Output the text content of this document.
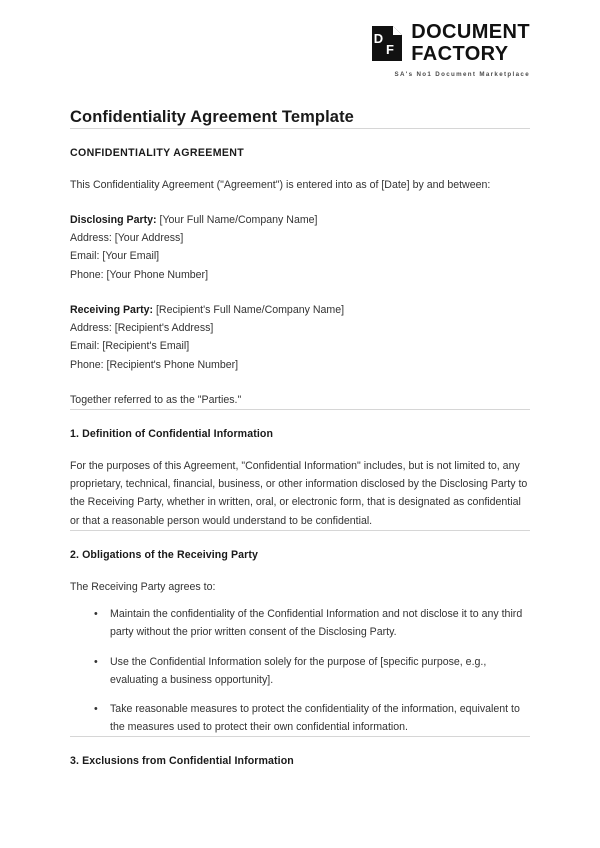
D
F
DOCUMENT
FACTORY
SA's No1 Document Marketplace
Confidentiality Agreement Template
CONFIDENTIALITY AGREEMENT

This Confidentiality Agreement ("Agreement") is entered into as of [Date] by and between:

Disclosing Party: [Your Full Name/Company Name]
Address: [Your Address]
Email: [Your Email]
Phone: [Your Phone Number]
Receiving Party: [Recipient's Full Name/Company Name]
Address: [Recipient's Address]
Email: [Recipient's Email]
Phone: [Recipient's Phone Number]

Together referred to as the "Parties."

1. Definition of Confidential Information

For the purposes of this Agreement, "Confidential Information" includes, but is not limited to, any proprietary, technical, financial, business, or other information disclosed by the Disclosing Party to the Receiving Party, whether in written, oral, or electronic form, that is designated as confidential or that a reasonable person would understand to be confidential.

2. Obligations of the Receiving Party

The Receiving Party agrees to:

• Maintain the confidentiality of the Confidential Information and not disclose it to any third party without the prior written consent of the Disclosing Party.
• Use the Confidential Information solely for the purpose of [specific purpose, e.g., evaluating a business opportunity].
• Take reasonable measures to protect the confidentiality of the information, equivalent to the measures used to protect their own confidential information.
3. Exclusions from Confidential Information
